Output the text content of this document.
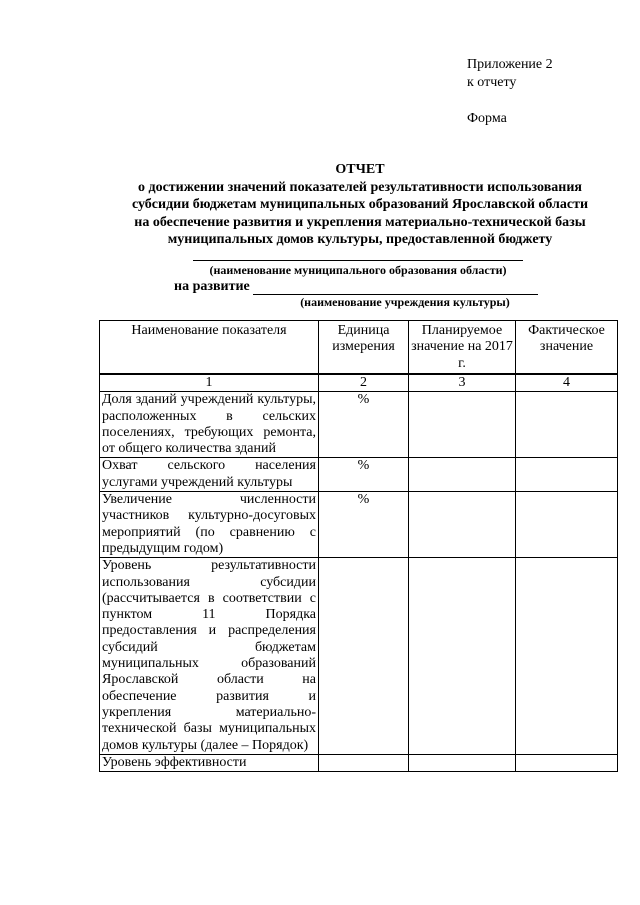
Приложение 2
к отчету
Форма
ОТЧЕТ
о достижении значений показателей результативности использования
субсидии бюджетам муниципальных образований Ярославской области
на обеспечение развития и укрепления материально-технической базы
муниципальных домов культуры, предоставленной бюджету
(наименование муниципального образования области)
на развитие
(наименование учреждения культуры)
Наименование показателя	Единица измерения	Планируемое значение на 2017 г.	Фактическое значение
1	2	3	4
Доля зданий учреждений культуры, расположенных в сельских поселениях, требующих ремонта, от общего количества зданий	%		
Охват сельского населения услугами учреждений культуры	%		
Увеличение численности участников культурно-досуговых мероприятий (по сравнению с предыдущим годом)	%		
Уровень результативности использования субсидии (рассчитывается в соответствии с пунктом 11 Порядка предоставления и распределения субсидий бюджетам муниципальных образований Ярославской области на обеспечение развития и укрепления материально-технической базы муниципальных домов культуры (далее – Порядок)			
Уровень эффективности			
